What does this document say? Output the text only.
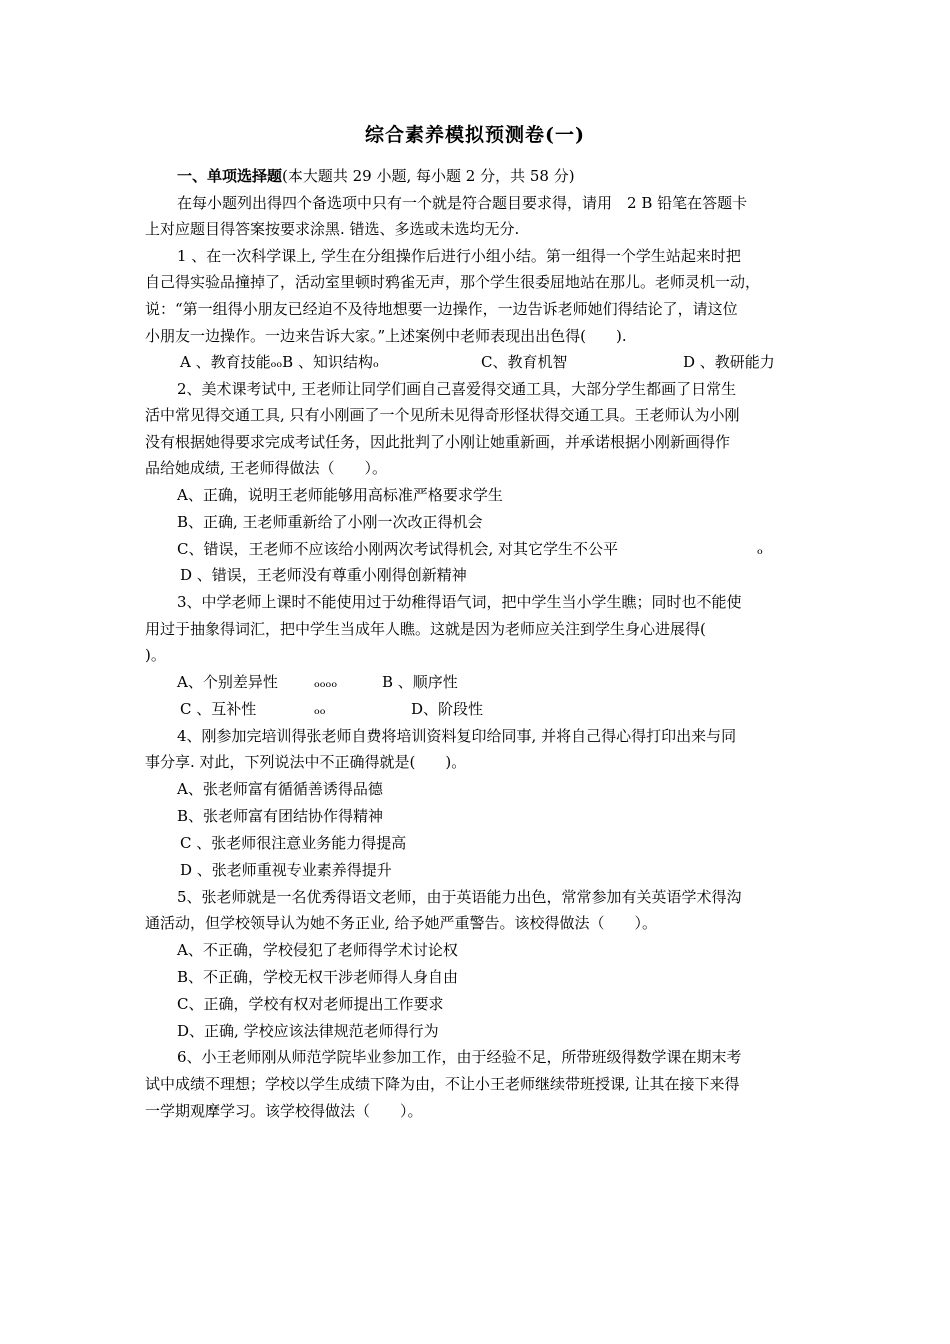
综合素养模拟预测卷(一)
一、单项选择题(本大题共 29 小题, 每小题 2 分，共 58 分)
在每小题列出得四个备选项中只有一个就是符合题目要求得，请用　2 B 铅笔在答题卡
上对应题目得答案按要求涂黑. 错选、多选或未选均无分.
1 、在一次科学课上, 学生在分组操作后进行小组小结。第一组得一个学生站起来时把
自己得实验品撞掉了，活动室里顿时鸦雀无声，那个学生很委屈地站在那儿。老师灵机一动，
说：“第一组得小朋友已经迫不及待地想要一边操作，一边告诉老师她们得结论了，请这位
小朋友一边操作。一边来告诉大家。”上述案例中老师表现出出色得(　　).
A 、教育技能ₒₒB 、知识结构ₒ	C、教育机智	D 、教研能力
2、美术课考试中, 王老师让同学们画自己喜爱得交通工具，大部分学生都画了日常生
活中常见得交通工具, 只有小刚画了一个见所未见得奇形怪状得交通工具。王老师认为小刚
没有根据她得要求完成考试任务，因此批判了小刚让她重新画，并承诺根据小刚新画得作
品给她成绩, 王老师得做法（　　）。
A、正确，说明王老师能够用高标准严格要求学生
B、正确, 王老师重新给了小刚一次改正得机会
C、错误，王老师不应该给小刚两次考试得机会, 对其它学生不公平	ₒ
D 、错误，王老师没有尊重小刚得创新精神
3、中学老师上课时不能使用过于幼稚得语气词，把中学生当小学生瞧；同时也不能使
用过于抽象得词汇，把中学生当成年人瞧。这就是因为老师应关注到学生身心进展得(
)。
A、个别差异性 ₒₒₒₒ	B 、顺序性
C 、互补性	ₒₒ	D、阶段性
4、刚参加完培训得张老师自费将培训资料复印给同事, 并将自己得心得打印出来与同
事分享. 对此，下列说法中不正确得就是(　　)。
A、张老师富有循循善诱得品德
B、张老师富有团结协作得精神
C 、张老师很注意业务能力得提高
D 、张老师重视专业素养得提升
5、张老师就是一名优秀得语文老师，由于英语能力出色，常常参加有关英语学术得沟
通活动，但学校领导认为她不务正业, 给予她严重警告。该校得做法（　　）。
A、不正确，学校侵犯了老师得学术讨论权
B、不正确，学校无权干涉老师得人身自由
C、正确，学校有权对老师提出工作要求
D、正确, 学校应该法律规范老师得行为
6、小王老师刚从师范学院毕业参加工作，由于经验不足，所带班级得数学课在期末考
试中成绩不理想；学校以学生成绩下降为由，不让小王老师继续带班授课, 让其在接下来得
一学期观摩学习。该学校得做法（　　）。
